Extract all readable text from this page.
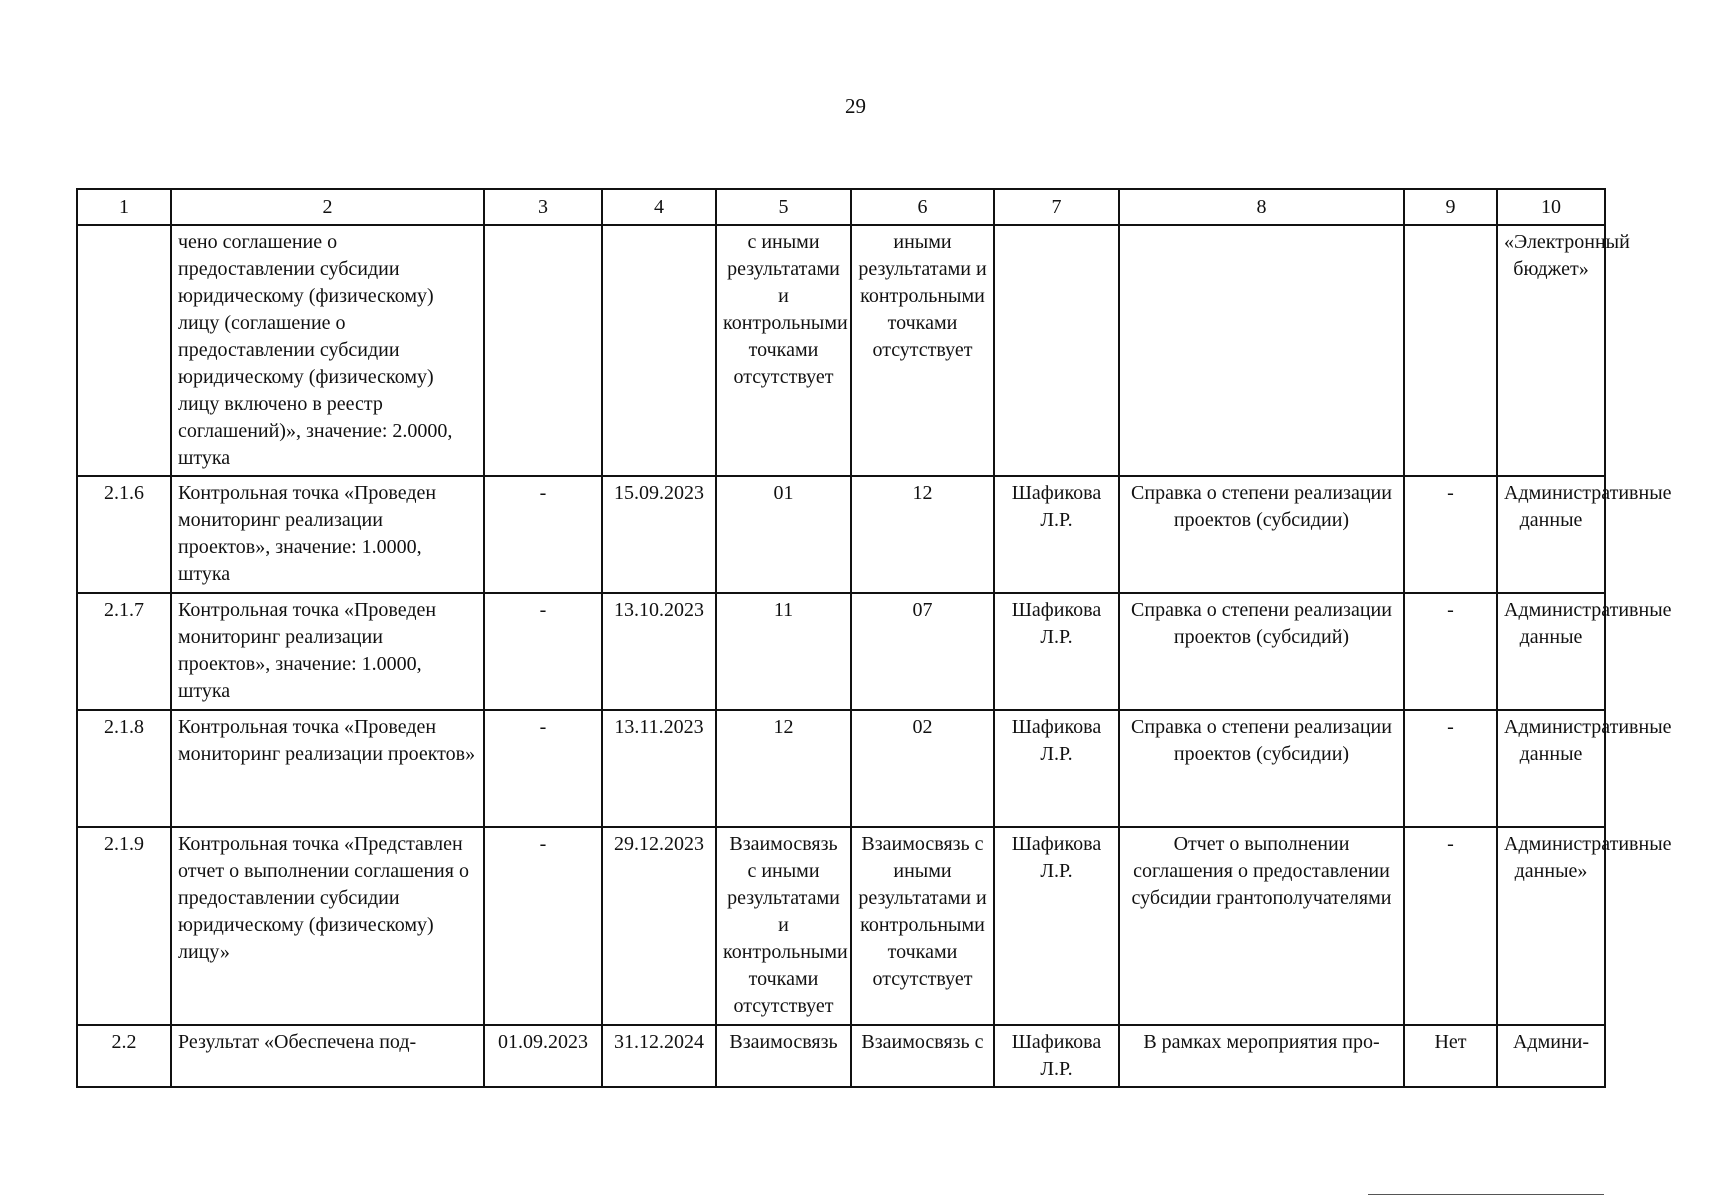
29
1	2	3	4	5	6	7	8	9	10
	чено соглашение о предоставлении субсидии юридическому (физическому) лицу (соглашение о предоставлении субсидии юридическому (физическому) лицу включено в реестр соглашений)», значение: 2.0000, штука			с иными результатами и контрольными точками отсутствует	иными результатами и контрольными точками отсутствует				«Электронный бюджет»
2.1.6	Контрольная точка «Проведен мониторинг реализации проектов», значение: 1.0000, штука	-	15.09.2023	01	12	Шафикова Л.Р.	Справка о степени реализации проектов (субсидии)	-	Административные данные
2.1.7	Контрольная точка «Проведен мониторинг реализации проектов», значение: 1.0000, штука	-	13.10.2023	11	07	Шафикова Л.Р.	Справка о степени реализации проектов (субсидий)	-	Административные данные
2.1.8	Контрольная точка «Проведен мониторинг реализации проектов»	-	13.11.2023	12	02	Шафикова Л.Р.	Справка о степени реализации проектов (субсидии)	-	Административные данные
2.1.9	Контрольная точка «Представлен отчет о выполнении соглашения о предоставлении субсидии юридическому (физическому) лицу»	-	29.12.2023	Взаимосвязь с иными результатами и контрольными точками отсутствует	Взаимосвязь с иными результатами и контрольными точками отсутствует	Шафикова Л.Р.	Отчет о выполнении соглашения о предоставлении субсидии грантополучателями	-	Административные данные»
2.2	Результат «Обеспечена под-	01.09.2023	31.12.2024	Взаимосвязь	Взаимосвязь с	Шафикова Л.Р.	В рамках мероприятия про-	Нет	Админи-
